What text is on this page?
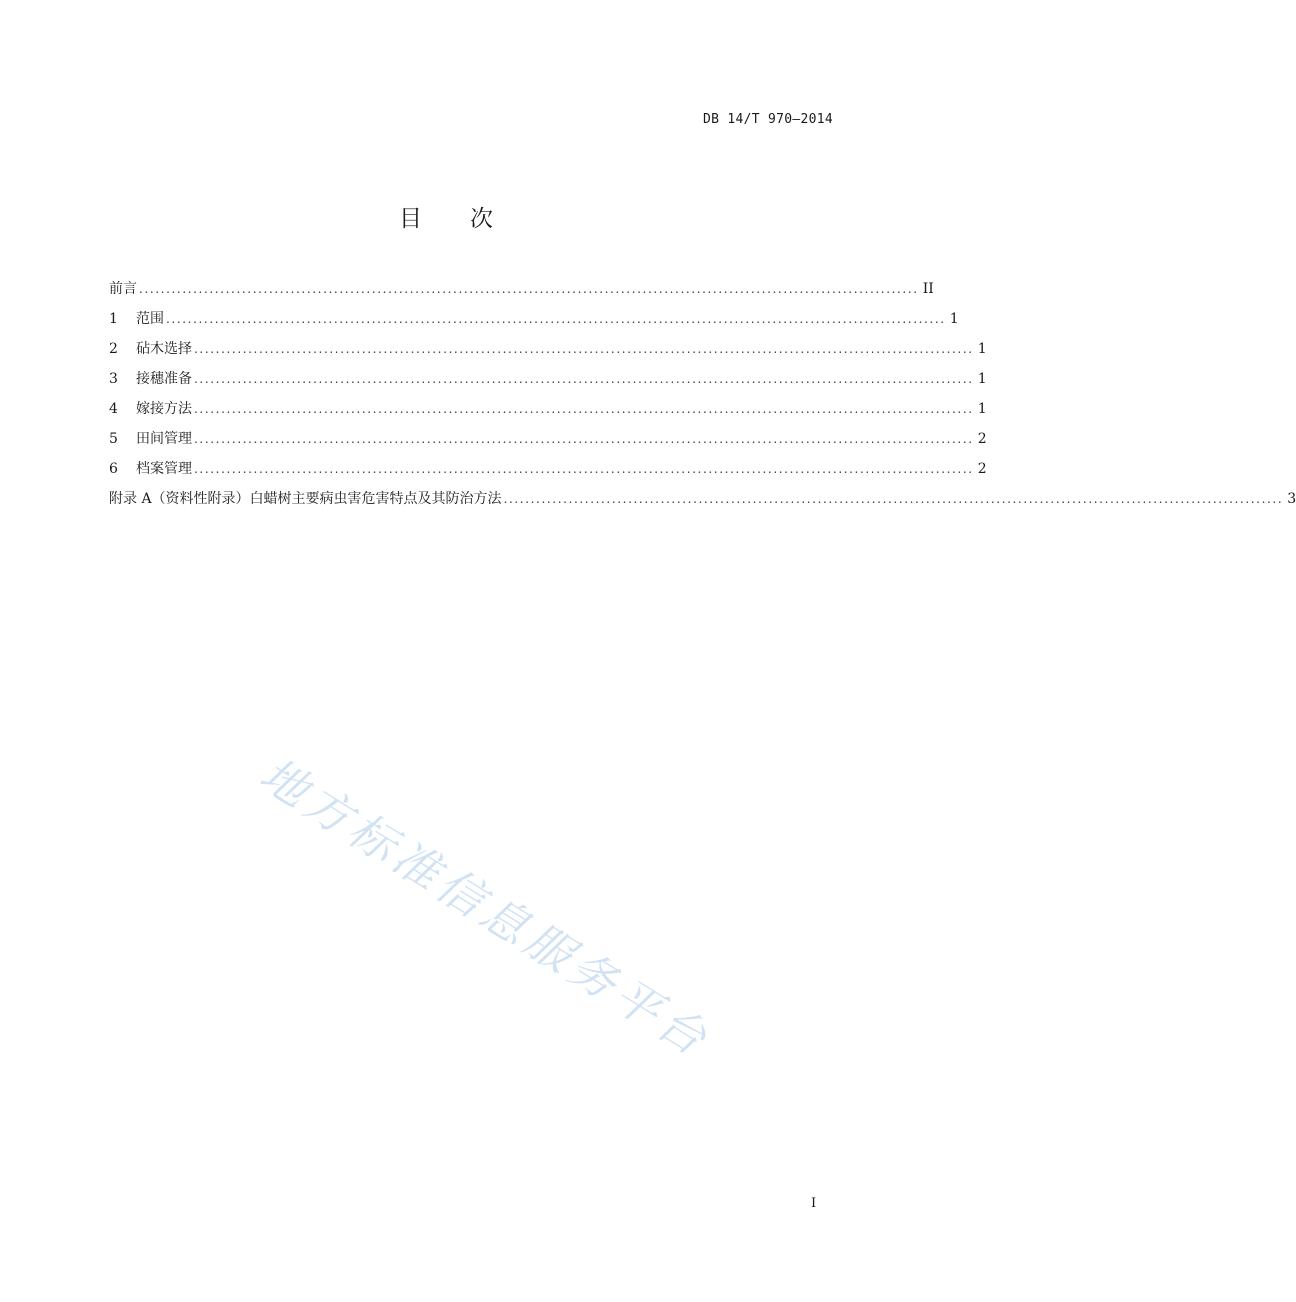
DB 14/T 970—2014
目次
前言 ................................................................................................................................................ II
1	范围 ................................................................................................................................................ 1
2	砧木选择 ................................................................................................................................................ 1
3	接穗准备 ................................................................................................................................................ 1
4	嫁接方法 ................................................................................................................................................ 1
5	田间管理 ................................................................................................................................................ 2
6	档案管理 ................................................................................................................................................ 2
附录 A（资料性附录） 白蜡树主要病虫害危害特点及其防治方法 ................................................................................................................................................ 3
地方标准信息服务平台
I
